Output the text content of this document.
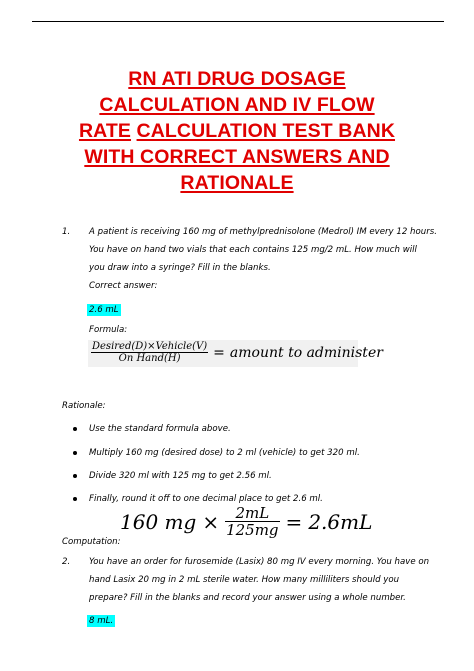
RN ATI DRUG DOSAGE
CALCULATION AND IV FLOW
RATE CALCULATION TEST BANK
WITH CORRECT ANSWERS AND
RATIONALE
1. A patient is receiving 160 mg of methylprednisolone (Medrol) IM every 12 hours.
You have on hand two vials that each contains 125 mg/2 mL. How much will
you draw into a syringe? Fill in the blanks.
Correct answer:
2.6 mL
Formula:
$\frac{\text{Desired(D)×Vehicle(V)}}{\text{On Hand(H)}}$ = amount to administer
Rationale:
Use the standard formula above.
Multiply 160 mg (desired dose) to 2 ml (vehicle) to get 320 ml.
Divide 320 ml with 125 mg to get 2.56 ml.
Finally, round it off to one decimal place to get 2.6 ml.
160 mg × $\frac{2mL}{125mg} = 2.6mL$
Computation:
2. You have an order for furosemide (Lasix) 80 mg IV every morning. You have on
hand Lasix 20 mg in 2 mL sterile water. How many milliliters should you
prepare? Fill in the blanks and record your answer using a whole number.
8 mL.
